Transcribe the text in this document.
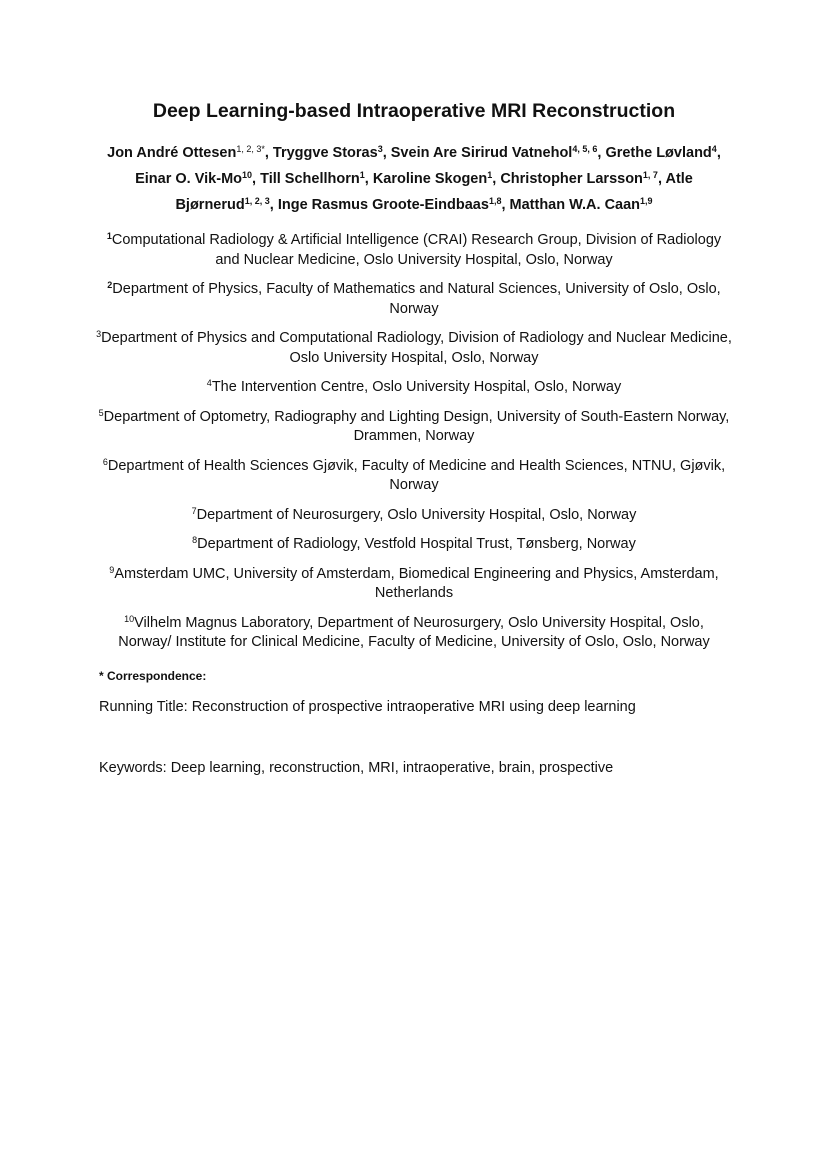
Deep Learning-based Intraoperative MRI Reconstruction
Jon André Ottesen$^{1, 2, 3*}$, Tryggve Storas$^3$, Svein Are Sirirud Vatnehol$^{4, 5, 6}$, Grethe Løvland$^4$, Einar O. Vik-Mo$^{10}$, Till Schellhorn$^1$, Karoline Skogen$^1$, Christopher Larsson$^{1, 7}$, Atle Bjørnerud$^{1, 2, 3}$, Inge Rasmus Groote-Eindbaas$^{1,8}$, Matthan W.A. Caan$^{1,9}$
$^1$Computational Radiology & Artificial Intelligence (CRAI) Research Group, Division of Radiology and Nuclear Medicine, Oslo University Hospital, Oslo, Norway
$^2$Department of Physics, Faculty of Mathematics and Natural Sciences, University of Oslo, Oslo, Norway
$^3$Department of Physics and Computational Radiology, Division of Radiology and Nuclear Medicine, Oslo University Hospital, Oslo, Norway
$^4$The Intervention Centre, Oslo University Hospital, Oslo, Norway
$^5$Department of Optometry, Radiography and Lighting Design, University of South-Eastern Norway, Drammen, Norway
$^6$Department of Health Sciences Gjøvik, Faculty of Medicine and Health Sciences, NTNU, Gjøvik, Norway
$^7$Department of Neurosurgery, Oslo University Hospital, Oslo, Norway
$^8$Department of Radiology, Vestfold Hospital Trust, Tønsberg, Norway
$^9$Amsterdam UMC, University of Amsterdam, Biomedical Engineering and Physics, Amsterdam, Netherlands
$^{10}$Vilhelm Magnus Laboratory, Department of Neurosurgery, Oslo University Hospital, Oslo, Norway/ Institute for Clinical Medicine, Faculty of Medicine, University of Oslo, Oslo, Norway
* Correspondence:
Running Title: Reconstruction of prospective intraoperative MRI using deep learning
Keywords: Deep learning, reconstruction, MRI, intraoperative, brain, prospective
